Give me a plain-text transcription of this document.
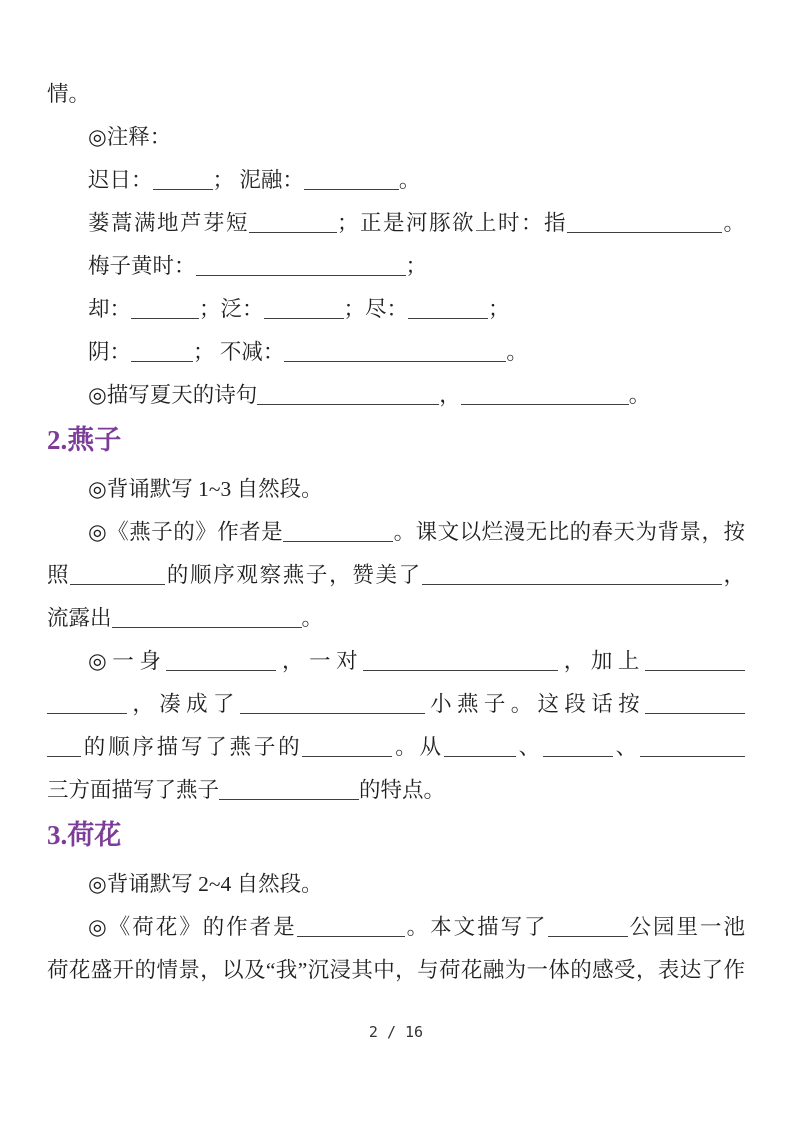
情。
◎注释：
迟日：	； 泥融：	。
蒌蒿满地芦芽短	；正是河豚欲上时：指	。
梅子黄时：	；
却：	；泛：	；尽：	；
阴：	； 不减：	。
◎描写夏天的诗句	，	。
2.燕子
◎背诵默写 1~3 自然段。
◎《燕子的》作者是	。课文以烂漫无比的春天为背景，按
照	的顺序观察燕子，赞美了	，
流露出	。
◎一身	，一对	，加上
，凑成了	小燕子。这段话按
的顺序描写了燕子的	。从	、	、
三方面描写了燕子	的特点。
3.荷花
◎背诵默写 2~4 自然段。
◎《荷花》的作者是	。本文描写了	公园里一池
荷花盛开的情景，以及“我”沉浸其中，与荷花融为一体的感受，表达了作
2 / 16
